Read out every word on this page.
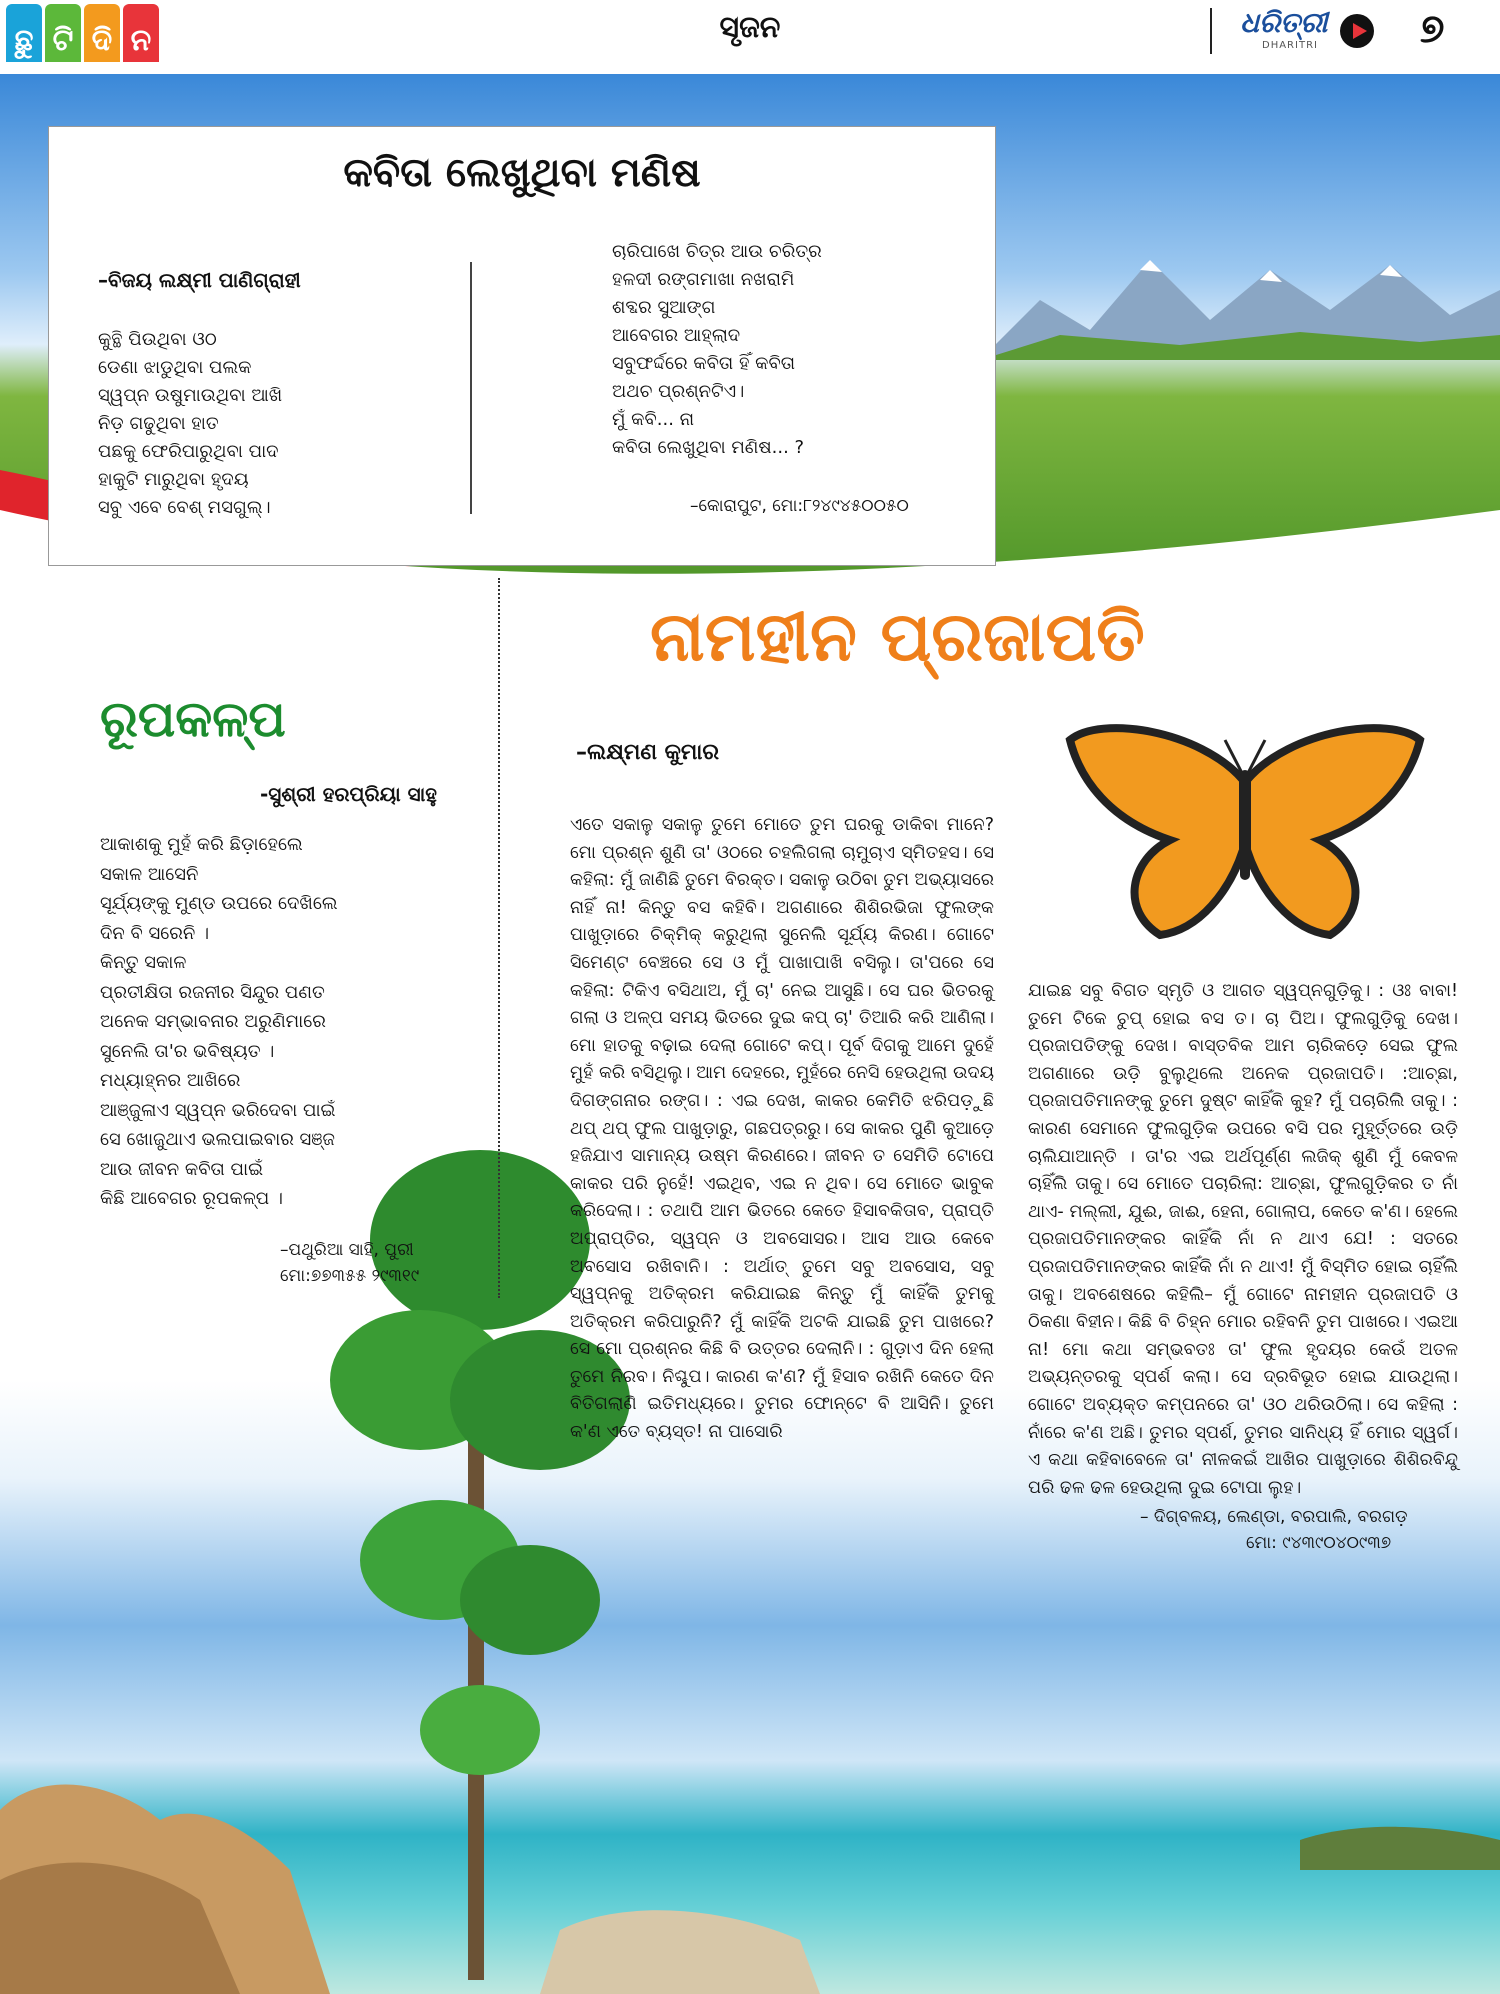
ଛୁ ଟି ଦି ନ	ସୃଜନ	ଧରିତ୍ରୀ
DHARITRI	୭
କବିତା ଲେଖୁଥିବା ମଣିଷ
–ବିଜୟ ଲକ୍ଷ୍ମୀ ପାଣିଗ୍ରାହୀ
କୁନ୍ଥି ପିଉଥିବା ଓଠ
ଡେଣା ଝାଡୁଥିବା ପଲକ
ସ୍ୱପ୍ନ ଉଷୁମାଉଥିବା ଆଖି
ନିଡ଼ ଗଢୁଥିବା ହାତ
ପଛକୁ ଫେରିପାରୁଥିବା ପାଦ
ହାକୁଟି ମାରୁଥିବା ହୃଦୟ
ସବୁ ଏବେ ବେଶ୍ ମସଗୁଲ୍।
ଚାରିପାଖେ ଚିତ୍ର ଆଉ ଚରିତ୍ର
ହଳଦୀ ରଙ୍ଗମାଖା ନଖରାମି
ଶବ୍ଦର ସୁଆଙ୍ଗ
ଆବେଗର ଆହ୍ଲାଦ
ସବୁଫର୍ଦ୍ଦରେ କବିତା ହିଁ କବିତା
ଅଥଚ ପ୍ରଶ୍ନଟିଏ।
ମୁଁ କବି... ନା
କବିତା ଲେଖୁଥିବା ମଣିଷ... ?
–କୋରାପୁଟ, ମୋ:୮୨୪୯୪୫୦୦୫୦
ରୂପକଳ୍ପ
-ସୁଶ୍ରୀ ହରପ୍ରିୟା ସାହୁ
ଆକାଶକୁ ମୁହଁ କରି ଛିଡ଼ାହେଲେ
ସକାଳ ଆସେନି
ସୂର୍ଯ୍ୟଙ୍କୁ ମୁଣ୍ଡ ଉପରେ ଦେଖିଲେ
ଦିନ ବି ସରେନି ।
କିନ୍ତୁ ସକାଳ
ପ୍ରତୀକ୍ଷିତା ରଜନୀର ସିନ୍ଦୁର ପଣତ
ଅନେକ ସମ୍ଭାବନାର ଅରୁଣିମାରେ
ସୁନେଲି ତା'ର ଭବିଷ୍ୟତ ।
ମଧ୍ୟାହ୍ନର ଆଖିରେ
ଆଞ୍ଜୁଳାଏ ସ୍ୱପ୍ନ ଭରିଦେବା ପାଇଁ
ସେ ଖୋଜୁଥାଏ ଭଲପାଇବାର ସଞ୍ଜ
ଆଉ ଜୀବନ କବିତା ପାଇଁ
କିଛି ଆବେଗର ରୂପକଳ୍ପ ।
–ପଥୁରିଆ ସାହି, ପୁରୀ
ମୋ:୭୭୩୫୫ ୨୯୩୧୯
ନାମହୀନ ପ୍ରଜାପତି
–ଲକ୍ଷ୍ମଣ କୁମାର
ଏତେ ସକାଳୁ ସକାଳୁ ତୁମେ ମୋତେ ତୁମ ଘରକୁ ଡାକିବା ମାନେ? ମୋ ପ୍ରଶ୍ନ ଶୁଣି ତା' ଓଠରେ ଚହଲିଗଲା ଚାମୁଚାଏ ସ୍ମିତହସ। ସେ କହିଲା: ମୁଁ ଜାଣିଛି ତୁମେ ବିରକ୍ତ। ସକାଳୁ ଉଠିବା ତୁମ ଅଭ୍ୟାସରେ ନାହିଁ ନା! କିନ୍ତୁ ବସ କହିବି। ଅଗଣାରେ ଶିଶିରଭିଜା ଫୁଲଙ୍କ ପାଖୁଡ଼ାରେ ଚିକ୍‌ମିକ୍ କରୁଥିଲା ସୁନେଲି ସୂର୍ଯ୍ୟ କିରଣ। ଗୋଟେ ସିମେଣ୍ଟ ବେଞ୍ଚରେ ସେ ଓ ମୁଁ ପାଖାପାଖି ବସିଲୁ। ତା'ପରେ ସେ କହିଲା: ଟିକିଏ ବସିଥାଅ, ମୁଁ ଚା' ନେଇ ଆସୁଛି। ସେ ଘର ଭିତରକୁ ଗଲା ଓ ଅଳ୍ପ ସମୟ ଭିତରେ ଦୁଇ କପ୍ ଚା' ତିଆରି କରି ଆଣିଲା। ମୋ ହାତକୁ ବଢ଼ାଇ ଦେଲା ଗୋଟେ କପ୍। ପୂର୍ବ ଦିଗକୁ ଆମେ ଦୁହେଁ ମୁହଁ କରି ବସିଥିଲୁ। ଆମ ଦେହରେ, ମୁହଁରେ ନେସି ହେଉଥିଲା ଉଦୟ ଦିଗଙ୍ଗନାର ରଙ୍ଗ। : ଏଇ ଦେଖ, କାକର କେମିତି ଝରିପଡ଼ୁଛି ଥପ୍ ଥପ୍ ଫୁଲ ପାଖୁଡ଼ାରୁ, ଗଛପତ୍ରରୁ। ସେ କାକର ପୁଣି କୁଆଡ଼େ ହଜିଯାଏ ସାମାନ୍ୟ ଉଷ୍ମ କିରଣରେ। ଜୀବନ ତ ସେମିତି ଟୋପେ କାକର ପରି ନୁହେଁ! ଏଇଥିବ, ଏଇ ନ ଥିବ। ସେ ମୋତେ ଭାବୁକ କରିଦେଲା। : ତଥାପି ଆମ ଭିତରେ କେତେ ହିସାବକିତାବ, ପ୍ରାପ୍ତି ଅପ୍ରାପ୍ତିର, ସ୍ୱପ୍ନ ଓ ଅବସୋସର। ଆସ ଆଉ କେବେ ଅବସୋସ ରଖିବାନି। : ଅର୍ଥାତ୍ ତୁମେ ସବୁ ଅବସୋସ, ସବୁ ସ୍ୱପ୍ନକୁ ଅତିକ୍ରମ କରିଯାଇଛ କିନ୍ତୁ ମୁଁ କାହିଁକି ତୁମକୁ ଅତିକ୍ରମ କରିପାରୁନି? ମୁଁ କାହିଁକି ଅଟକି ଯାଇଛି ତୁମ ପାଖରେ? ସେ ମୋ ପ୍ରଶ୍ନର କିଛି ବି ଉତ୍ତର ଦେଲାନି। : ଗୁଡ଼ାଏ ଦିନ ହେଲା ତୁମେ ନିରବ। ନିଶ୍ଚୁପ। କାରଣ କ'ଣ? ମୁଁ ହିସାବ ରଖିନି କେତେ ଦିନ ବିତିଗଲାଣି ଇତିମଧ୍ୟରେ। ତୁମର ଫୋନ୍‌ଟେ ବି ଆସିନି। ତୁମେ କ'ଣ ଏତେ ବ୍ୟସ୍ତ! ନା ପାସୋରି
ଯାଇଛ ସବୁ ବିଗତ ସ୍ମୃତି ଓ ଆଗତ ସ୍ୱପ୍ନଗୁଡ଼ିକୁ। : ଓଃ ବାବା! ତୁମେ ଟିକେ ଚୁପ୍ ହୋଇ ବସ ତ। ଚା ପିଅ। ଫୁଲଗୁଡ଼ିକୁ ଦେଖ। ପ୍ରଜାପତିଙ୍କୁ ଦେଖ। ବାସ୍ତବିକ ଆମ ଚାରିକଡ଼େ ସେଇ ଫୁଲ ଅଗଣାରେ ଉଡ଼ି ବୁଲୁଥିଲେ ଅନେକ ପ୍ରଜାପତି। :ଆଚ୍ଛା, ପ୍ରଜାପତିମାନଙ୍କୁ ତୁମେ ଦୁଷ୍ଟ କାହିଁକି କୁହ? ମୁଁ ପଚାରିଲି ତାକୁ। : କାରଣ ସେମାନେ ଫୁଲଗୁଡ଼ିକ ଉପରେ ବସି ପର ମୁହୂର୍ତ୍ତରେ ଉଡ଼ି ଚାଲିଯାଆନ୍ତି । ତା'ର ଏଇ ଅର୍ଥପୂର୍ଣ୍ଣ ଲଜିକ୍ ଶୁଣି ମୁଁ କେବଳ ଚାହିଁଲି ତାକୁ। ସେ ମୋତେ ପଚାରିଲା: ଆଚ୍ଛା, ଫୁଲଗୁଡ଼ିକର ତ ନାଁ ଥାଏ- ମଲ୍ଲୀ, ଯୁଈ, ଜାଈ, ହେନା, ଗୋଲାପ, କେତେ କ'ଣ। ହେଲେ ପ୍ରଜାପତିମାନଙ୍କର କାହିଁକି ନାଁ ନ ଥାଏ ଯେ! : ସତରେ ପ୍ରଜାପତିମାନଙ୍କର କାହିଁକି ନାଁ ନ ଥାଏ! ମୁଁ ବିସ୍ମିତ ହୋଇ ଚାହିଁଲି ତାକୁ। ଅବଶେଷରେ କହିଲି– ମୁଁ ଗୋଟେ ନାମହୀନ ପ୍ରଜାପତି ଓ ଠିକଣା ବିହୀନ। କିଛି ବି ଚିହ୍ନ ମୋର ରହିବନି ତୁମ ପାଖରେ। ଏଇଆ ନା! ମୋ କଥା ସମ୍ଭବତଃ ତା' ଫୁଲ ହୃଦୟର କେଉଁ ଅତଳ ଅଭ୍ୟନ୍ତରକୁ ସ୍ପର୍ଶ କଲା। ସେ ଦ୍ରବିଭୂତ ହୋଇ ଯାଉଥିଲା। ଗୋଟେ ଅବ୍ୟକ୍ତ କମ୍ପନରେ ତା' ଓଠ ଥରିଉଠିଲା। ସେ କହିଲା : ନାଁରେ କ'ଣ ଅଛି। ତୁମର ସ୍ପର୍ଶ, ତୁମର ସାନିଧ୍ୟ ହିଁ ମୋର ସ୍ୱର୍ଗ। ଏ କଥା କହିବାବେଳେ ତା' ନୀଳକଇଁ ଆଖିର ପାଖୁଡ଼ାରେ ଶିଶିରବିନ୍ଦୁ ପରି ଢଳ ଢଳ ହେଉଥିଲା ଦୁଇ ଟୋପା ଲୁହ।
– ଦିଗ୍‌ବଳୟ, ଲେଣ୍ଡା, ବରପାଲି, ବରଗଡ଼
ମୋ: ୯୪୩୯୦୪୦୯୩୭
